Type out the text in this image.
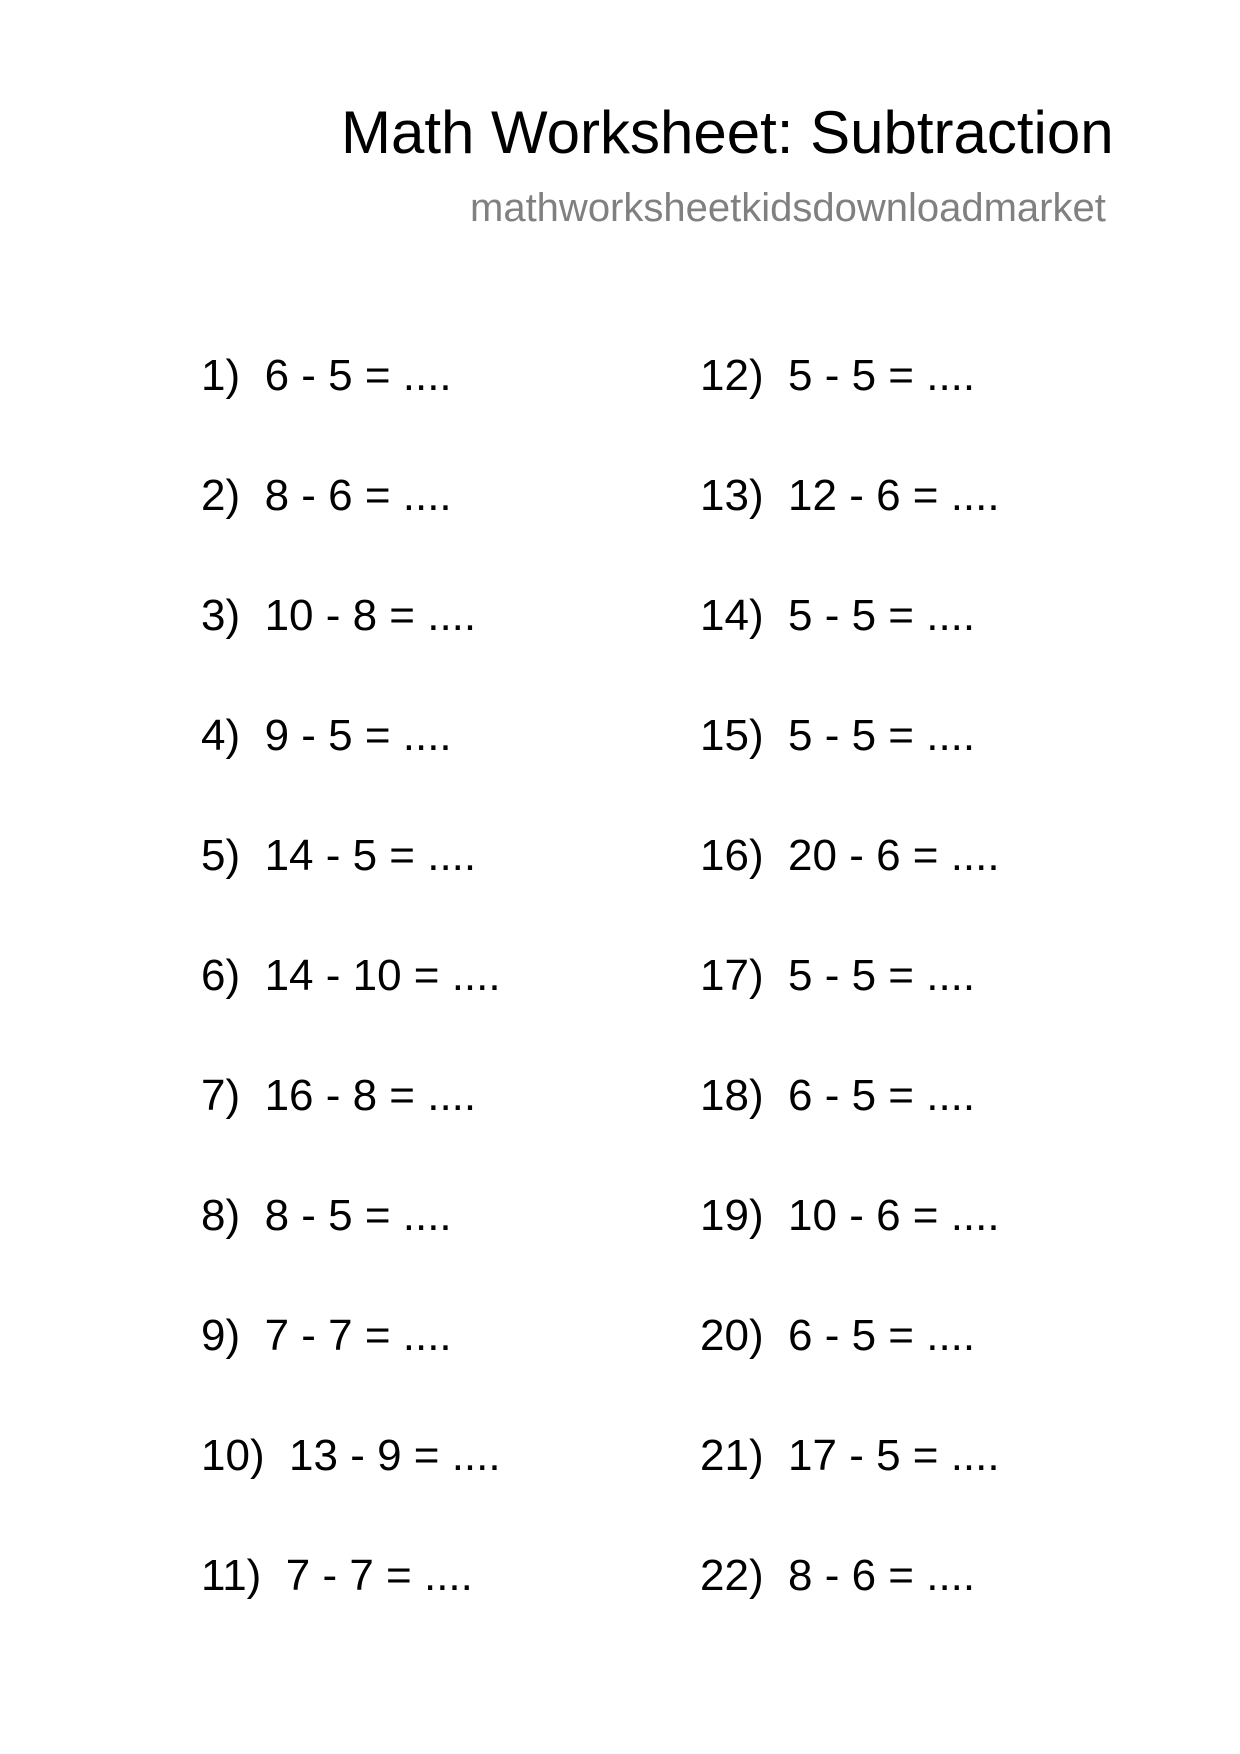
Math Worksheet: Subtraction
mathworksheetkidsdownloadmarket
1)  6 - 5 = ....
2)  8 - 6 = ....
3)  10 - 8 = ....
4)  9 - 5 = ....
5)  14 - 5 = ....
6)  14 - 10 = ....
7)  16 - 8 = ....
8)  8 - 5 = ....
9)  7 - 7 = ....
10)  13 - 9 = ....
11)  7 - 7 = ....
12)  5 - 5 = ....
13)  12 - 6 = ....
14)  5 - 5 = ....
15)  5 - 5 = ....
16)  20 - 6 = ....
17)  5 - 5 = ....
18)  6 - 5 = ....
19)  10 - 6 = ....
20)  6 - 5 = ....
21)  17 - 5 = ....
22)  8 - 6 = ....
